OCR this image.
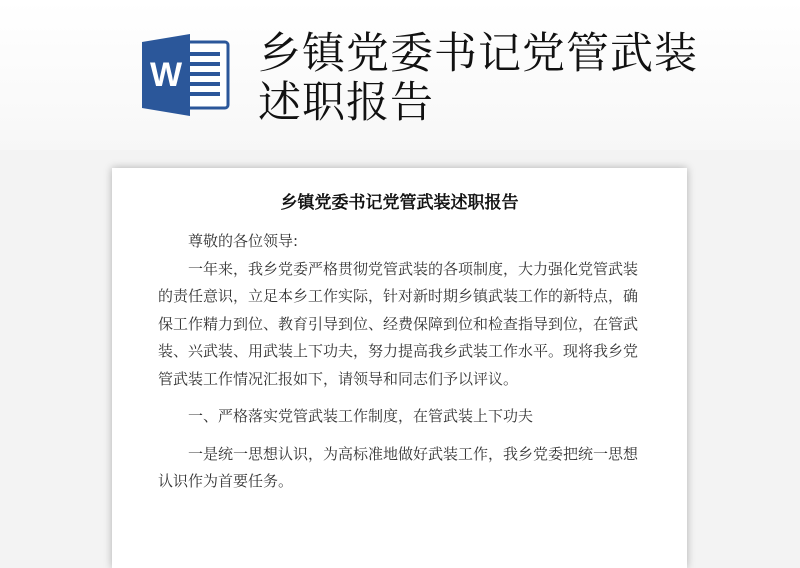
W 乡镇党委书记党管武装述职报告
乡镇党委书记党管武装述职报告

尊敬的各位领导:

一年来，我乡党委严格贯彻党管武装的各项制度，大力强化党管武装的责任意识，立足本乡工作实际，针对新时期乡镇武装工作的新特点，确保工作精力到位、教育引导到位、经费保障到位和检查指导到位，在管武装、兴武装、用武装上下功夫，努力提高我乡武装工作水平。现将我乡党管武装工作情况汇报如下，请领导和同志们予以评议。

一、严格落实党管武装工作制度，在管武装上下功夫

一是统一思想认识，为高标准地做好武装工作，我乡党委把统一思想认识作为首要任务。
